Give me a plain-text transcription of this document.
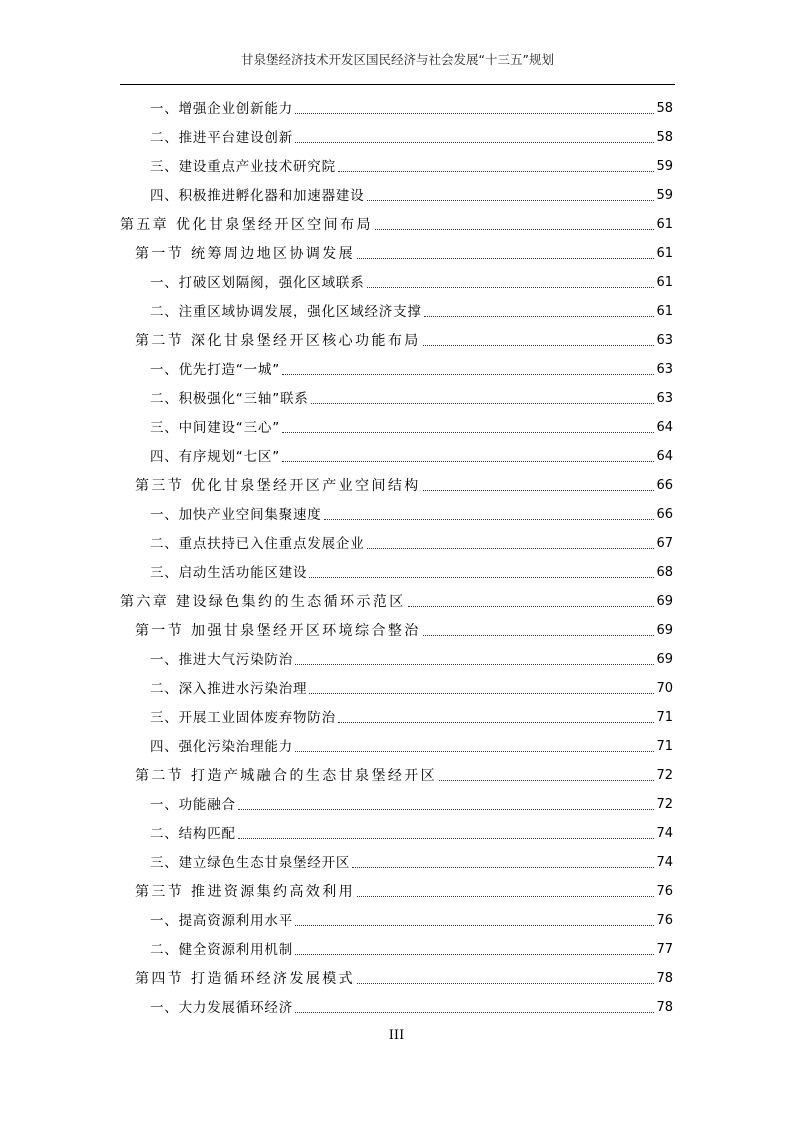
甘泉堡经济技术开发区国民经济与社会发展“十三五”规划
一、增强企业创新能力	58
二、推进平台建设创新	58
三、建设重点产业技术研究院	59
四、积极推进孵化器和加速器建设	59
第五章 优化甘泉堡经开区空间布局	61
第一节 统筹周边地区协调发展	61
一、打破区划隔阂，强化区域联系	61
二、注重区域协调发展，强化区域经济支撑	61
第二节 深化甘泉堡经开区核心功能布局	63
一、优先打造“一城”	63
二、积极强化“三轴”联系	63
三、中间建设“三心”	64
四、有序规划“七区”	64
第三节 优化甘泉堡经开区产业空间结构	66
一、加快产业空间集聚速度	66
二、重点扶持已入住重点发展企业	67
三、启动生活功能区建设	68
第六章 建设绿色集约的生态循环示范区	69
第一节 加强甘泉堡经开区环境综合整治	69
一、推进大气污染防治	69
二、深入推进水污染治理	70
三、开展工业固体废弃物防治	71
四、强化污染治理能力	71
第二节 打造产城融合的生态甘泉堡经开区	72
一、功能融合	72
二、结构匹配	74
三、建立绿色生态甘泉堡经开区	74
第三节 推进资源集约高效利用	76
一、提高资源利用水平	76
二、健全资源利用机制	77
第四节 打造循环经济发展模式	78
一、大力发展循环经济	78
III
